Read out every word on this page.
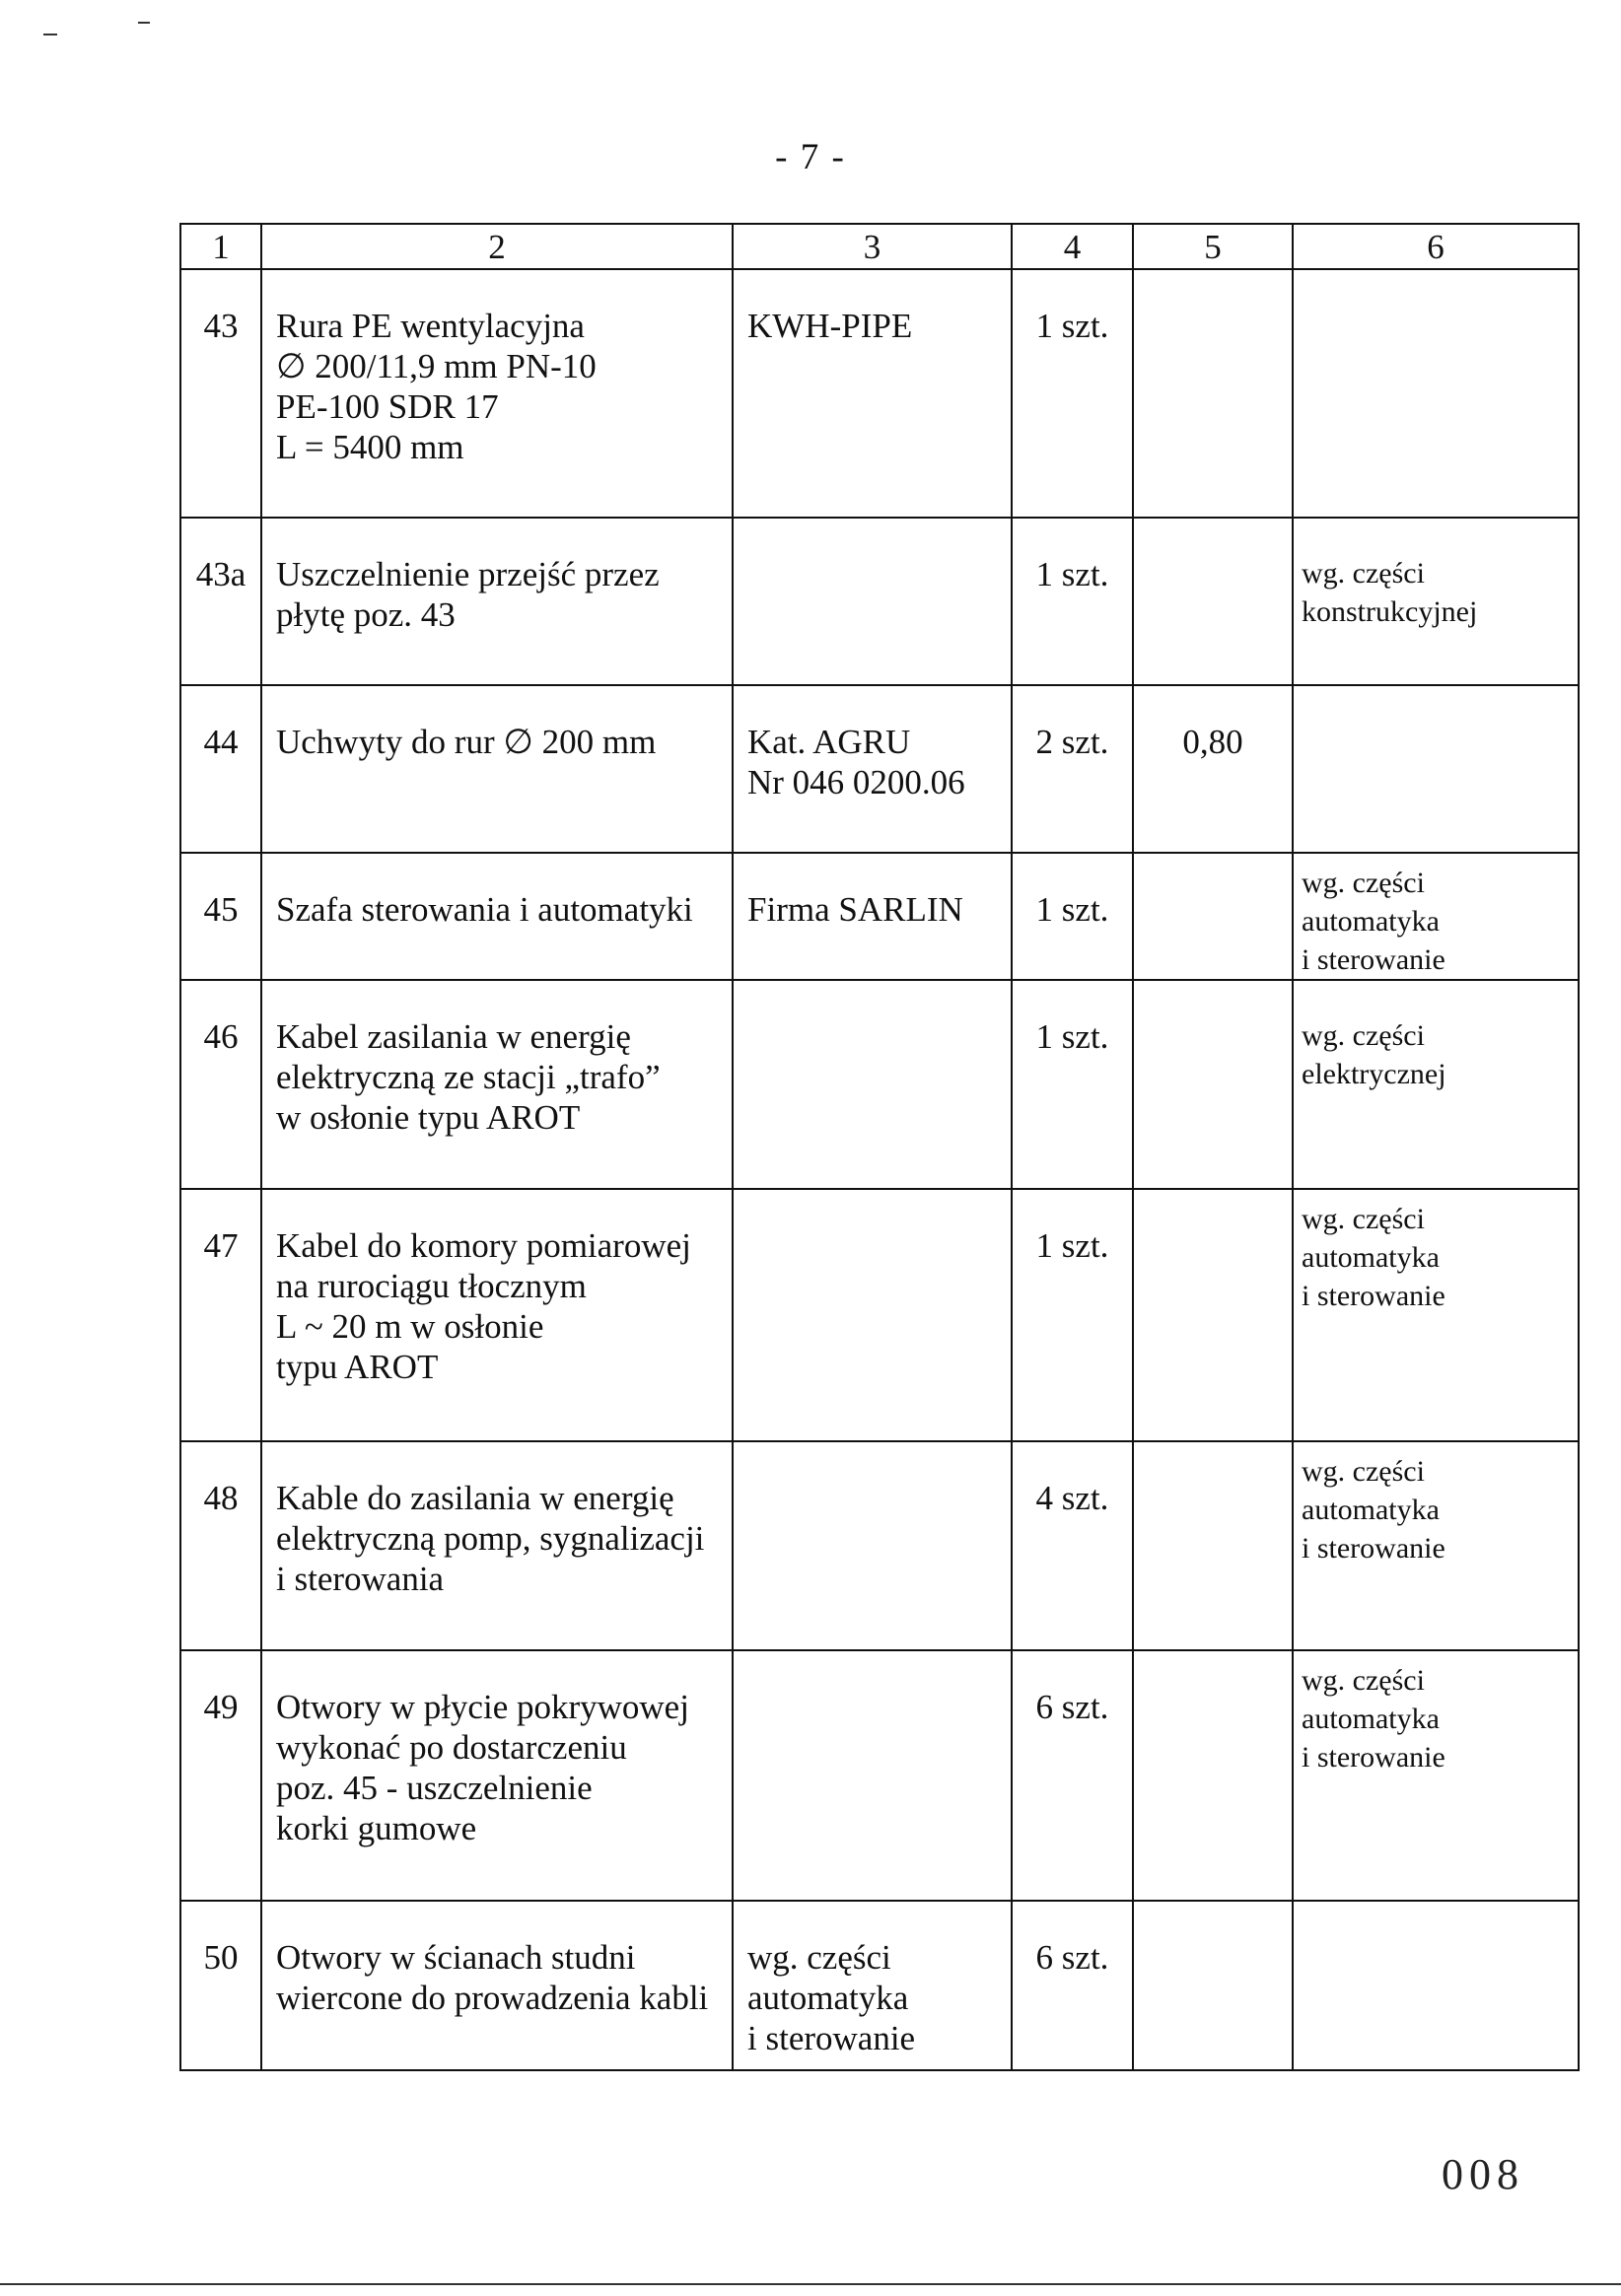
- 7 -
1	2	3	4	5	6

43	Rura PE wentylacyjna
∅ 200/11,9 mm PN-10
PE-100 SDR 17
L = 5400 mm	KWH-PIPE	1 szt.		

43a	Uszczelnienie przejść przez
płytę poz. 43		1 szt.		wg. części
konstrukcyjnej

44	Uchwyty do rur ∅ 200 mm	Kat. AGRU
Nr 046 0200.06	2 szt.	0,80	

45	Szafa sterowania i automatyki	Firma SARLIN	1 szt.		wg. części
automatyka
i sterowanie

46	Kabel zasilania w energię
elektryczną ze stacji „trafo”
w osłonie typu AROT		1 szt.		wg. części
elektrycznej

47	Kabel do komory pomiarowej
na rurociągu tłocznym
L ~ 20 m w osłonie
typu AROT		1 szt.		wg. części
automatyka
i sterowanie

48	Kable do zasilania w energię
elektryczną pomp, sygnalizacji
i sterowania		4 szt.		wg. części
automatyka
i sterowanie

49	Otwory w płycie pokrywowej
wykonać po dostarczeniu
poz. 45 - uszczelnienie
korki gumowe		6 szt.		wg. części
automatyka
i sterowanie

50	Otwory w ścianach studni
wiercone do prowadzenia kabli	wg. części
automatyka
i sterowanie	6 szt.		

008
